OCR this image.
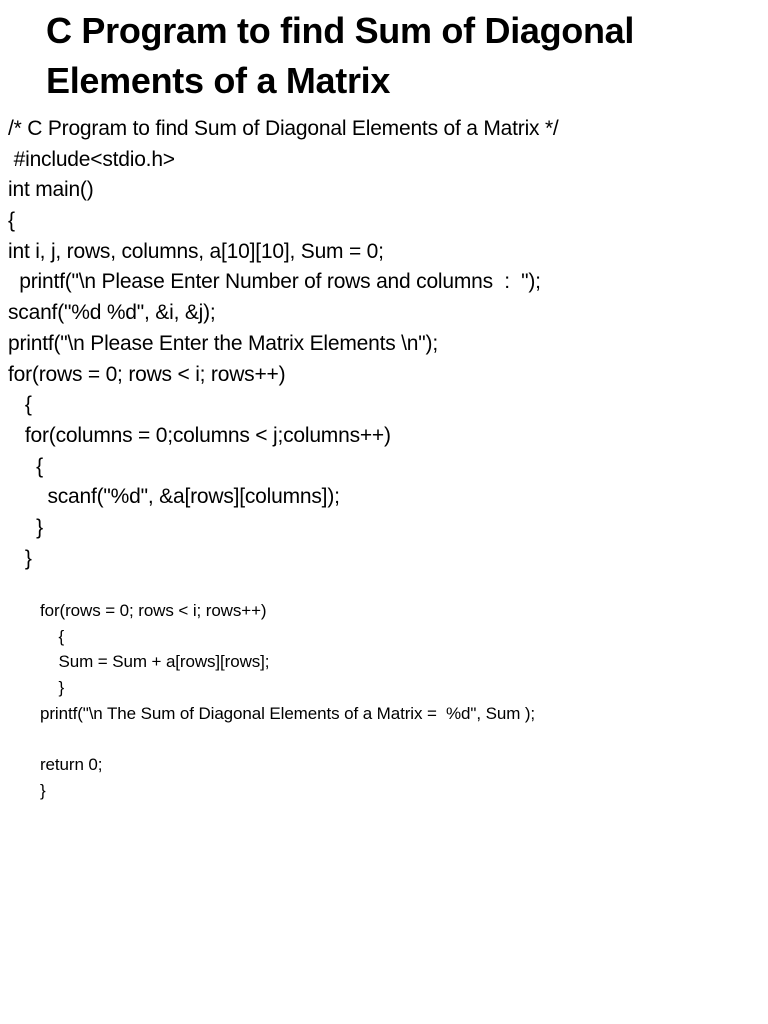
C Program to find Sum of Diagonal
Elements of a Matrix
/* C Program to find Sum of Diagonal Elements of a Matrix */
#include<stdio.h>
int main()
{
int i, j, rows, columns, a[10][10], Sum = 0;
printf("\n Please Enter Number of rows and columns  :  ");
scanf("%d %d", &i, &j);
printf("\n Please Enter the Matrix Elements \n");
for(rows = 0; rows < i; rows++)
{
for(columns = 0;columns < j;columns++)
{
scanf("%d", &a[rows][columns]);
}
}
for(rows = 0; rows < i; rows++)
{
Sum = Sum + a[rows][rows];
}
printf("\n The Sum of Diagonal Elements of a Matrix =  %d", Sum );
return 0;
}
